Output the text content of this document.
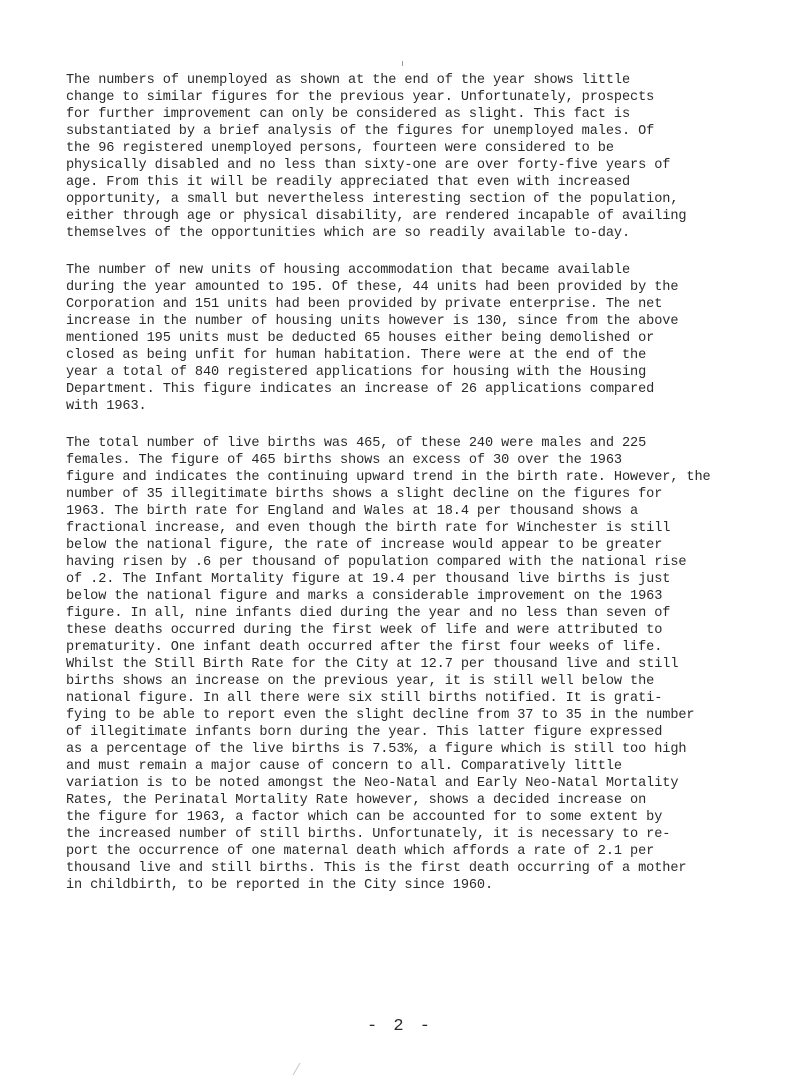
The numbers of unemployed as shown at the end of the year shows little
change to similar figures for the previous year. Unfortunately, prospects
for further improvement can only be considered as slight. This fact is
substantiated by a brief analysis of the figures for unemployed males. Of
the 96 registered unemployed persons, fourteen were considered to be
physically disabled and no less than sixty-one are over forty-five years of
age. From this it will be readily appreciated that even with increased
opportunity, a small but nevertheless interesting section of the population,
either through age or physical disability, are rendered incapable of availing
themselves of the opportunities which are so readily available to-day.
The number of new units of housing accommodation that became available
during the year amounted to 195. Of these, 44 units had been provided by the
Corporation and 151 units had been provided by private enterprise. The net
increase in the number of housing units however is 130, since from the above
mentioned 195 units must be deducted 65 houses either being demolished or
closed as being unfit for human habitation. There were at the end of the
year a total of 840 registered applications for housing with the Housing
Department. This figure indicates an increase of 26 applications compared
with 1963.
The total number of live births was 465, of these 240 were males and 225
females. The figure of 465 births shows an excess of 30 over the 1963
figure and indicates the continuing upward trend in the birth rate. However, the
number of 35 illegitimate births shows a slight decline on the figures for
1963. The birth rate for England and Wales at 18.4 per thousand shows a
fractional increase, and even though the birth rate for Winchester is still
below the national figure, the rate of increase would appear to be greater
having risen by .6 per thousand of population compared with the national rise
of .2. The Infant Mortality figure at 19.4 per thousand live births is just
below the national figure and marks a considerable improvement on the 1963
figure. In all, nine infants died during the year and no less than seven of
these deaths occurred during the first week of life and were attributed to
prematurity. One infant death occurred after the first four weeks of life.
Whilst the Still Birth Rate for the City at 12.7 per thousand live and still
births shows an increase on the previous year, it is still well below the
national figure. In all there were six still births notified. It is grati-
fying to be able to report even the slight decline from 37 to 35 in the number
of illegitimate infants born during the year. This latter figure expressed
as a percentage of the live births is 7.53%, a figure which is still too high
and must remain a major cause of concern to all. Comparatively little
variation is to be noted amongst the Neo-Natal and Early Neo-Natal Mortality
Rates, the Perinatal Mortality Rate however, shows a decided increase on
the figure for 1963, a factor which can be accounted for to some extent by
the increased number of still births. Unfortunately, it is necessary to re-
port the occurrence of one maternal death which affords a rate of 2.1 per
thousand live and still births. This is the first death occurring of a mother
in childbirth, to be reported in the City since 1960.
- 2 -
